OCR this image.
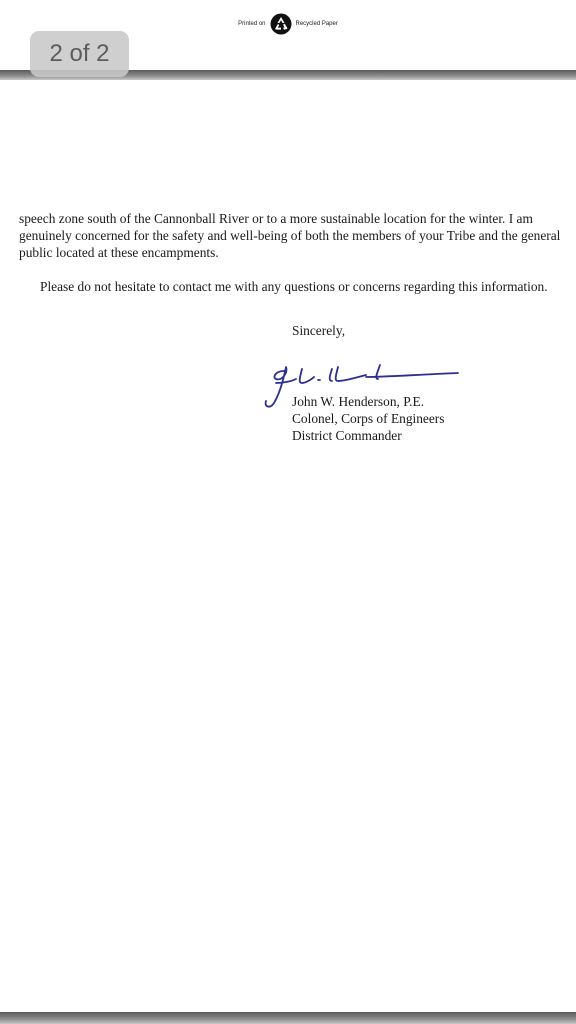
Printed on	Recycled Paper
2 of 2

speech zone south of the Cannonball River or to a more sustainable location for the winter. I am genuinely concerned for the safety and well-being of both the members of your Tribe and the general public located at these encampments.

Please do not hesitate to contact me with any questions or concerns regarding this information.

Sincerely,
John W. Henderson, P.E.
Colonel, Corps of Engineers
District Commander
